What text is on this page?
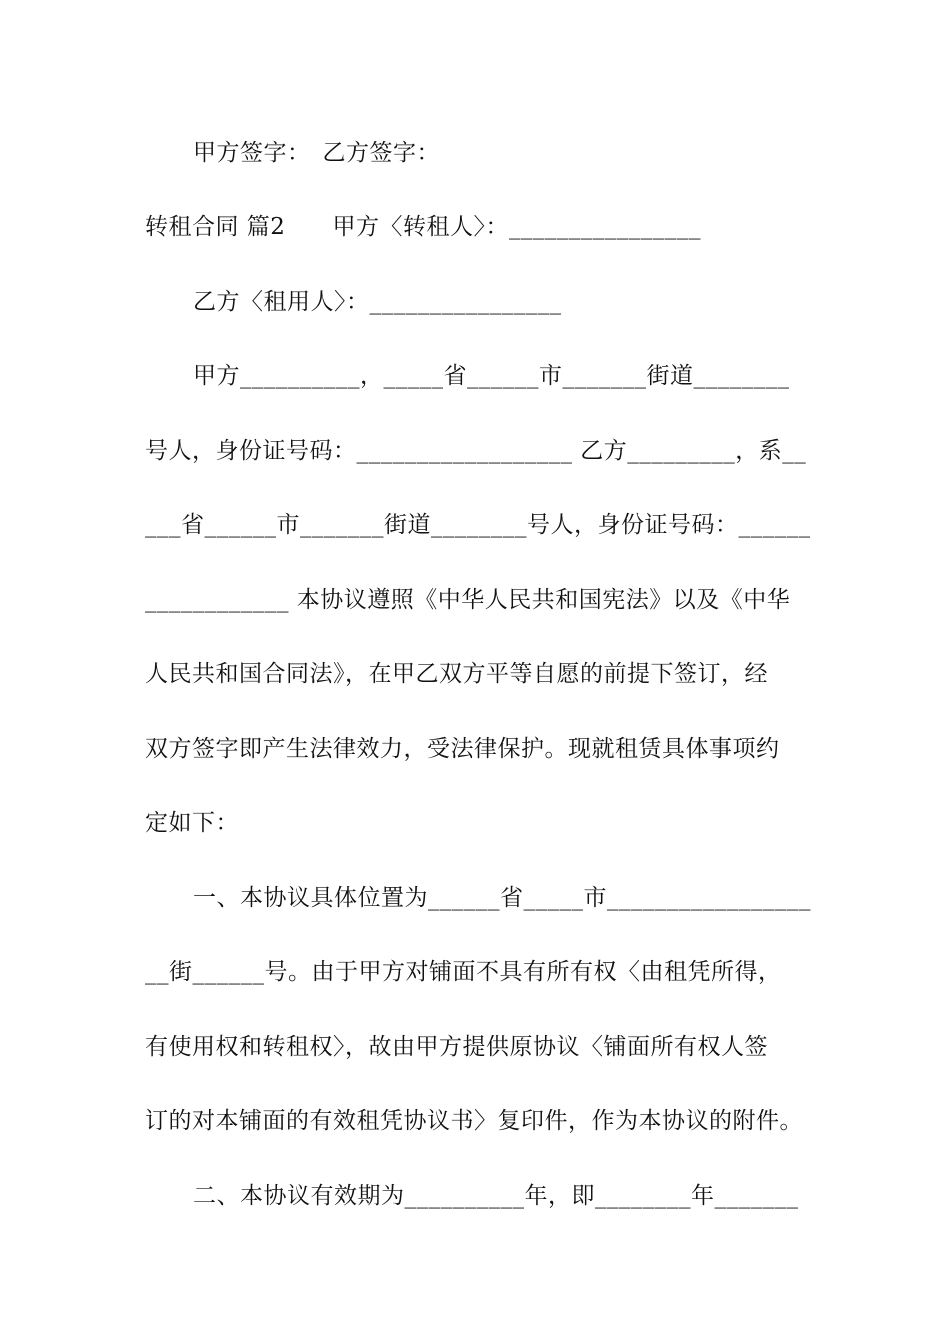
甲方签字：　乙方签字：
转租合同 篇2　　甲方〈转租人〉：________________
乙方〈租用人〉：________________
甲方__________，_____省______市_______街道________
号人，身份证号码：__________________ 乙方_________，系__
___省______市_______街道________号人，身份证号码：______
____________ 本协议遵照《中华人民共和国宪法》以及《中华
人民共和国合同法》，在甲乙双方平等自愿的前提下签订，经
双方签字即产生法律效力，受法律保护。现就租赁具体事项约
定如下：
一、本协议具体位置为______省_____市_________________
__街______号。由于甲方对铺面不具有所有权〈由租凭所得，
有使用权和转租权〉，故由甲方提供原协议〈铺面所有权人签
订的对本铺面的有效租凭协议书〉复印件，作为本协议的附件。
二、本协议有效期为__________年，即________年_______
